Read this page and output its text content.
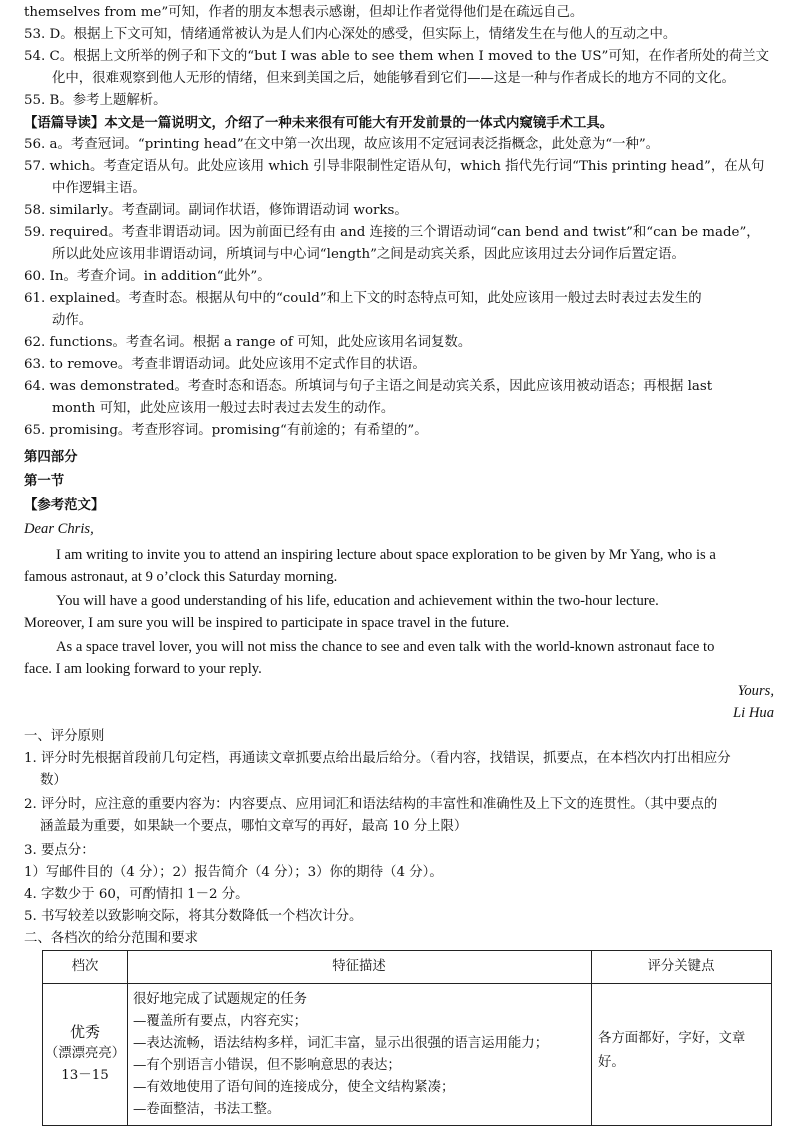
themselves from me”可知，作者的朋友本想表示感谢，但却让作者觉得他们是在疏远自己。
53. D。根据上下文可知，情绪通常被认为是人们内心深处的感受，但实际上，情绪发生在与他人的互动之中。
54. C。根据上文所举的例子和下文的“but I was able to see them when I moved to the US”可知，在作者所处的荷兰文
化中，很难观察到他人无形的情绪，但来到美国之后，她能够看到它们——这是一种与作者成长的地方不同的文化。
55. B。参考上题解析。
【语篇导读】本文是一篇说明文，介绍了一种未来很有可能大有开发前景的一体式内窥镜手术工具。
56. a。考查冠词。“printing head”在文中第一次出现，故应该用不定冠词表泛指概念，此处意为“一种”。
57. which。考查定语从句。此处应该用 which 引导非限制性定语从句，which 指代先行词“This printing head”，在从句
中作逻辑主语。
58. similarly。考查副词。副词作状语，修饰谓语动词 works。
59. required。考查非谓语动词。因为前面已经有由 and 连接的三个谓语动词“can bend and twist”和“can be made”，
所以此处应该用非谓语动词，所填词与中心词“length”之间是动宾关系，因此应该用过去分词作后置定语。
60. In。考查介词。in addition“此外”。
61. explained。考查时态。根据从句中的“could”和上下文的时态特点可知，此处应该用一般过去时表过去发生的
动作。
62. functions。考查名词。根据 a range of 可知，此处应该用名词复数。
63. to remove。考查非谓语动词。此处应该用不定式作目的状语。
64. was demonstrated。考查时态和语态。所填词与句子主语之间是动宾关系，因此应该用被动语态；再根据 last
month 可知，此处应该用一般过去时表过去发生的动作。
65. promising。考查形容词。promising“有前途的；有希望的”。
第四部分
第一节
【参考范文】
Dear Chris,
I am writing to invite you to attend an inspiring lecture about space exploration to be given by Mr Yang, who is a
famous astronaut, at 9 o’clock this Saturday morning.
You will have a good understanding of his life, education and achievement within the two-hour lecture.
Moreover, I am sure you will be inspired to participate in space travel in the future.
As a space travel lover, you will not miss the chance to see and even talk with the world-known astronaut face to
face. I am looking forward to your reply.
Yours,
Li Hua
一、评分原则
1. 评分时先根据首段前几句定档，再通读文章抓要点给出最后给分。（看内容，找错误，抓要点，在本档次内打出相应分
数）
2. 评分时，应注意的重要内容为：内容要点、应用词汇和语法结构的丰富性和准确性及上下文的连贯性。（其中要点的
涵盖最为重要，如果缺一个要点，哪怕文章写的再好，最高 10 分上限）
3. 要点分：
1）写邮件目的（4 分）；2）报告简介（4 分）；3）你的期待（4 分）。
4. 字数少于 60，可酌情扣 1－2 分。
5. 书写较差以致影响交际，将其分数降低一个档次计分。
二、各档次的给分范围和要求
档次	特征描述	评分关键点
优秀
（漂漂亮亮）
13－15
很好地完成了试题规定的任务
—覆盖所有要点，内容充实；
—表达流畅，语法结构多样，词汇丰富，显示出很强的语言运用能力；
—有个别语言小错误，但不影响意思的表达；
—有效地使用了语句间的连接成分，使全文结构紧凑；
—卷面整洁，书法工整。
各方面都好，字好，文章好。
